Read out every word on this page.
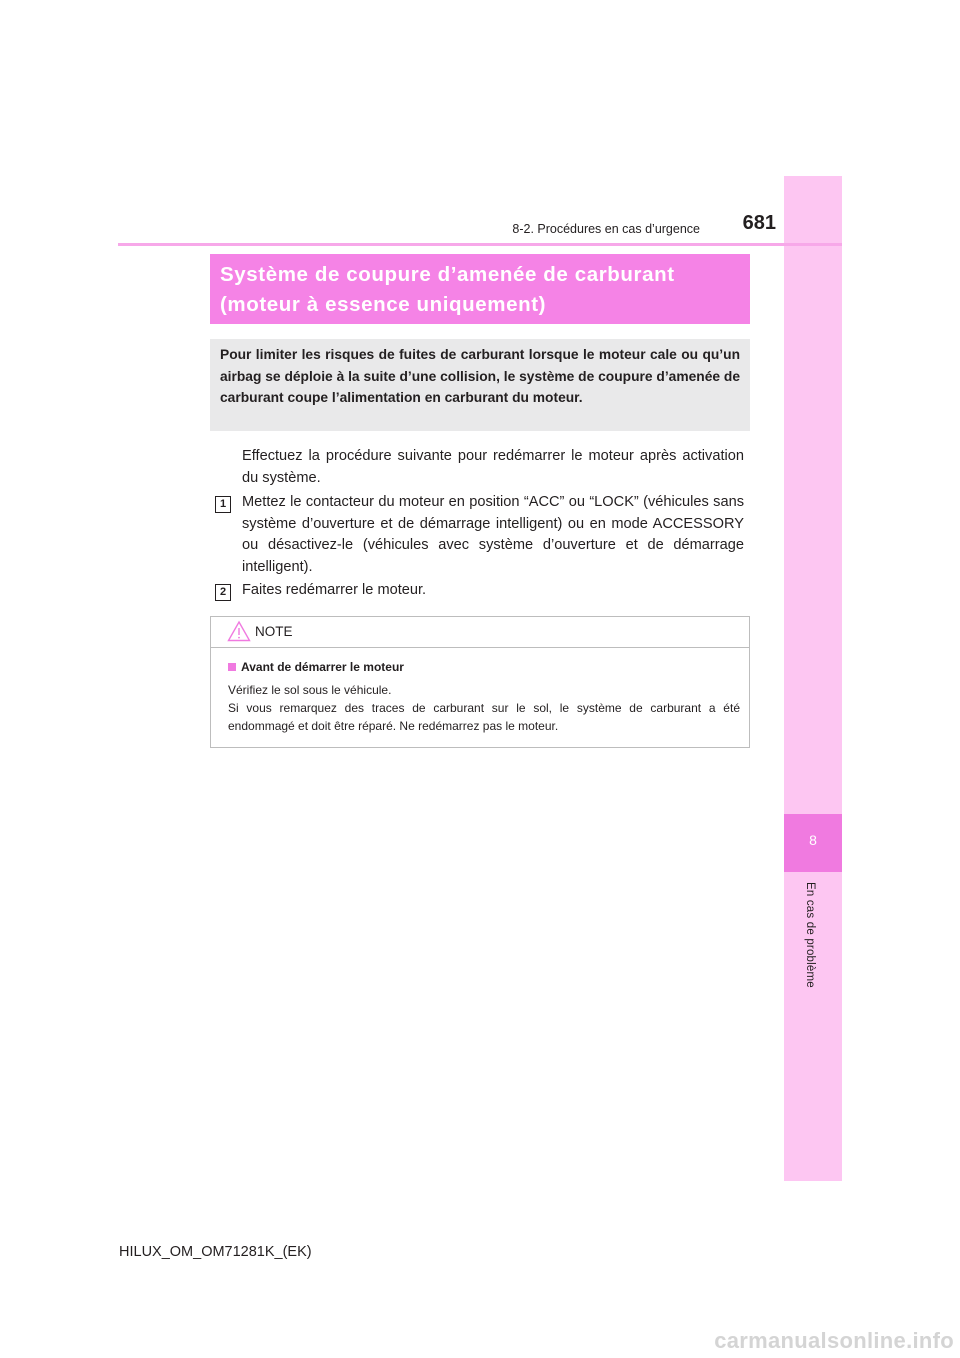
8
En cas de problème
8-2. Procédures en cas d’urgence	681

Système de coupure d’amenée de carburant

(moteur à essence uniquement)

Pour limiter les risques de fuites de carburant lorsque le moteur cale ou qu’un airbag se déploie à la suite d’une collision, le système de coupure d’amenée de carburant coupe l’alimentation en carburant du moteur.

Effectuez la procédure suivante pour redémarrer le moteur après activation du système.

1	Mettez le contacteur du moteur en position “ACC” ou “LOCK” (véhicules sans système d’ouverture et de démarrage intelligent) ou en mode ACCESSORY ou désactivez-le (véhicules avec système d’ouverture et de démarrage intelligent).

2	Faites redémarrer le moteur.

NOTE
Avant de démarrer le moteur

Vérifiez le sol sous le véhicule.

Si vous remarquez des traces de carburant sur le sol, le système de carburant a été endommagé et doit être réparé. Ne redémarrez pas le moteur.

HILUX_OM_OM71281K_(EK)
carmanualsonline.info
